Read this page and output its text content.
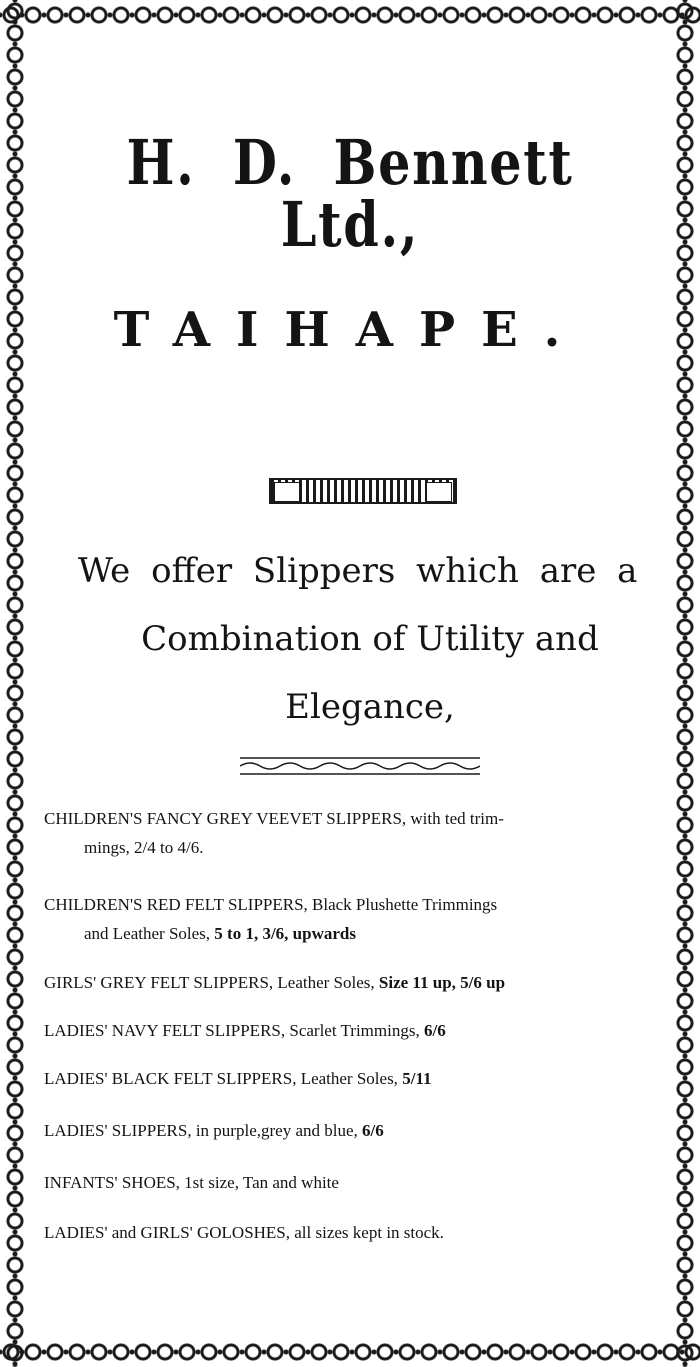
H. D. Bennett Ltd.,
TAIHAPE.

We offer Slippers which are a

Combination of Utility and

Elegance,

CHILDREN'S FANCY GREY VEEVET SLIPPERS, with ted trim-
mings, 2/4 to 4/6.
CHILDREN'S RED FELT SLIPPERS, Black Plushette Trimmings
and Leather Soles, 5 to 1, 3/6, upwards
GIRLS' GREY FELT SLIPPERS, Leather Soles, Size 11 up, 5/6 up
LADIES' NAVY FELT SLIPPERS, Scarlet Trimmings, 6/6
LADIES' BLACK FELT SLIPPERS, Leather Soles, 5/11
LADIES' SLIPPERS, in purple,grey and blue, 6/6
INFANTS' SHOES, 1st size, Tan and white
LADIES' and GIRLS' GOLOSHES, all sizes kept in stock.
